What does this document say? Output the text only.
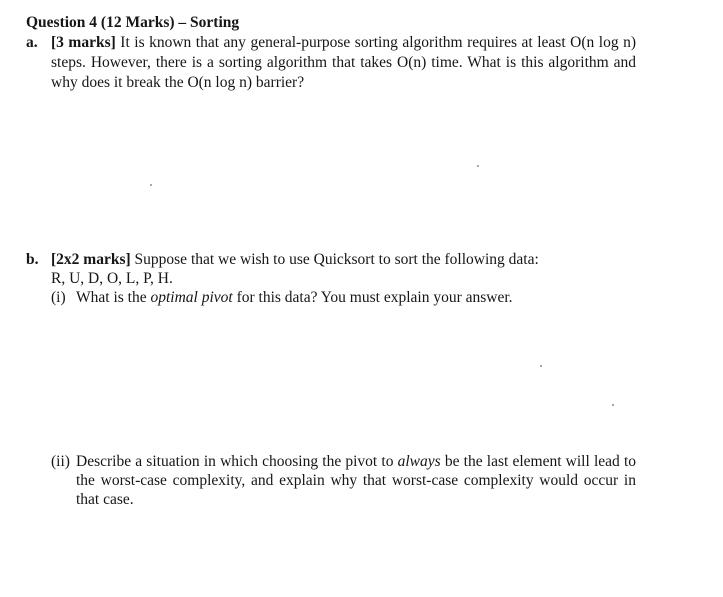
Question 4 (12 Marks) – Sorting
a. [3 marks] It is known that any general-purpose sorting algorithm requires at least O(n log n)
steps. However, there is a sorting algorithm that takes O(n) time. What is this algorithm and
why does it break the O(n log n) barrier?
b. [2x2 marks] Suppose that we wish to use Quicksort to sort the following data:
R, U, D, O, L, P, H.
(i) What is the optimal pivot for this data? You must explain your answer.
(ii) Describe a situation in which choosing the pivot to always be the last element will lead to
the worst-case complexity, and explain why that worst-case complexity would occur in
that case.
